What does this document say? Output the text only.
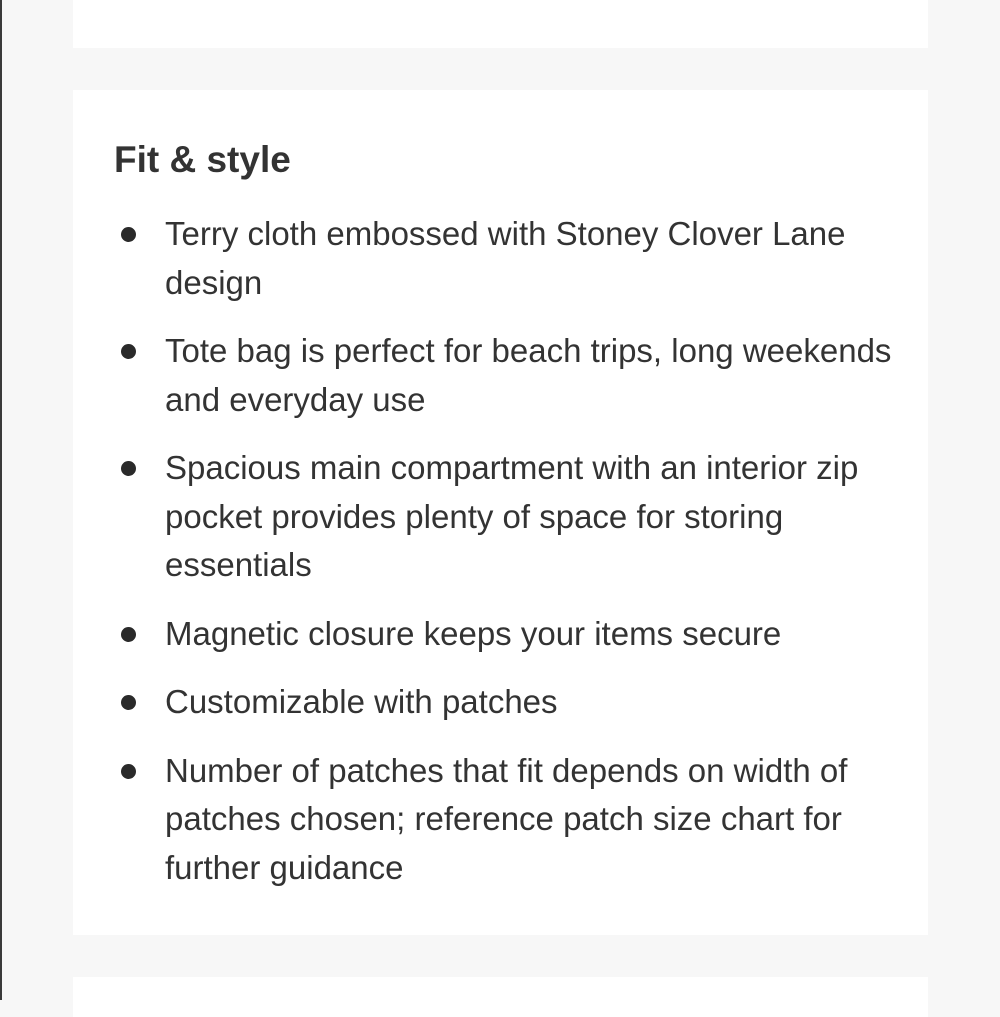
Fit & style
Terry cloth embossed with Stoney Clover Lane design
Tote bag is perfect for beach trips, long weekends and everyday use
Spacious main compartment with an interior zip pocket provides plenty of space for storing essentials
Magnetic closure keeps your items secure
Customizable with patches
Number of patches that fit depends on width of patches chosen; reference patch size chart for further guidance
